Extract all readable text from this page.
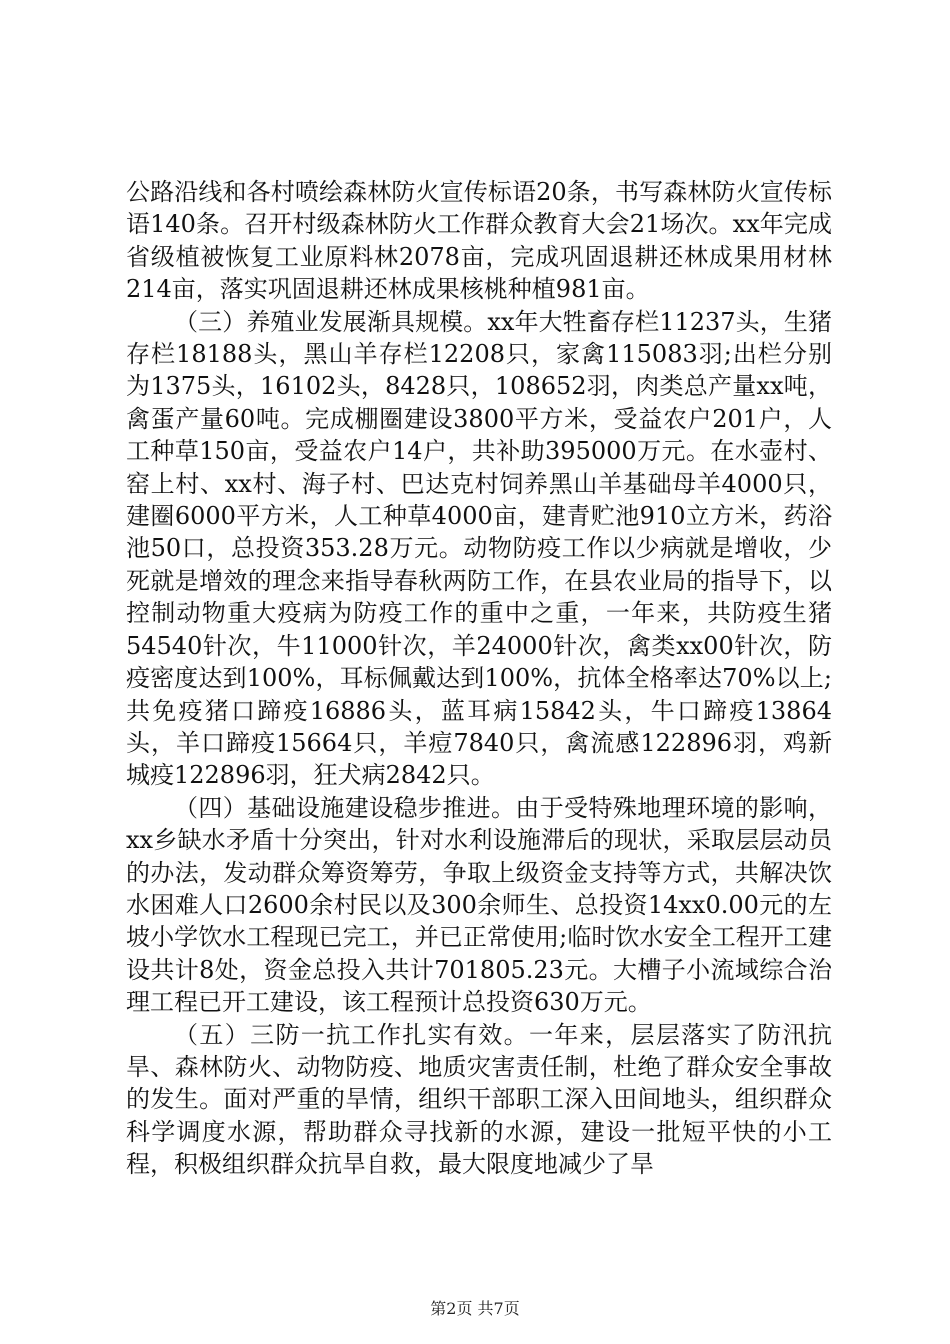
公路沿线和各村喷绘森林防火宣传标语20条，书写森林防火宣传标语140条。召开村级森林防火工作群众教育大会21场次。xx年完成省级植被恢复工业原料林2078亩，完成巩固退耕还林成果用材林214亩，落实巩固退耕还林成果核桃种植981亩。

（三）养殖业发展渐具规模。xx年大牲畜存栏11237头，生猪存栏18188头，黑山羊存栏12208只，家禽115083羽;出栏分别为1375头，16102头，8428只，108652羽，肉类总产量xx吨，禽蛋产量60吨。完成棚圈建设3800平方米，受益农户201户，人工种草150亩，受益农户14户，共补助395000万元。在水壶村、窑上村、xx村、海子村、巴达克村饲养黑山羊基础母羊4000只，建圈6000平方米，人工种草4000亩，建青贮池910立方米，药浴池50口，总投资353.28万元。动物防疫工作以少病就是增收，少死就是增效的理念来指导春秋两防工作，在县农业局的指导下，以控制动物重大疫病为防疫工作的重中之重，一年来，共防疫生猪54540针次，牛11000针次，羊24000针次，禽类xx00针次，防疫密度达到100%，耳标佩戴达到100%，抗体全格率达70%以上;共免疫猪口蹄疫16886头，蓝耳病15842头，牛口蹄疫13864头，羊口蹄疫15664只，羊痘7840只，禽流感122896羽，鸡新城疫122896羽，狂犬病2842只。

（四）基础设施建设稳步推进。由于受特殊地理环境的影响，xx乡缺水矛盾十分突出，针对水利设施滞后的现状，采取层层动员的办法，发动群众筹资筹劳，争取上级资金支持等方式，共解决饮水困难人口2600余村民以及300余师生、总投资14xx0.00元的左坡小学饮水工程现已完工，并已正常使用;临时饮水安全工程开工建设共计8处，资金总投入共计701805.23元。大槽子小流域综合治理工程已开工建设，该工程预计总投资630万元。

（五）三防一抗工作扎实有效。一年来，层层落实了防汛抗旱、森林防火、动物防疫、地质灾害责任制，杜绝了群众安全事故的发生。面对严重的旱情，组织干部职工深入田间地头，组织群众科学调度水源，帮助群众寻找新的水源，建设一批短平快的小工程，积极组织群众抗旱自救，最大限度地减少了旱

第2页 共7页
